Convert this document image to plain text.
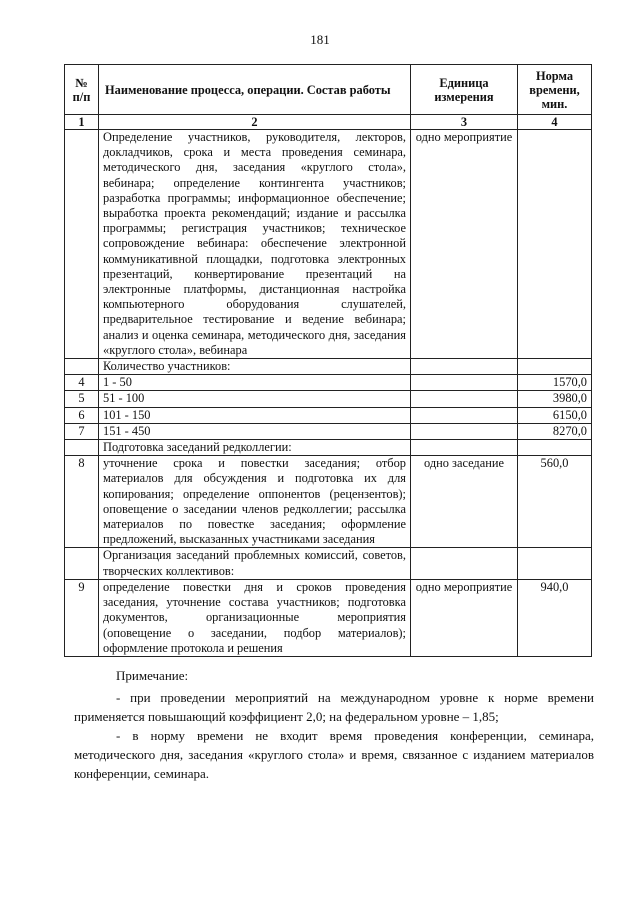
181
№ п/п	Наименование процесса, операции. Состав работы	Единица измерения	Норма времени, мин.
1	2	3	4
	Определение участников, руководителя, лекторов, докладчиков, срока и места проведения семинара, методического дня, заседания «круглого стола», вебинара; определение контингента участников; разработка программы; информационное обеспечение; выработка проекта рекомендаций; издание и рассылка программы; регистрация участников; техническое сопровождение вебинара: обеспечение электронной коммуникативной площадки, подготовка электронных презентаций, конвертирование презентаций на электронные платформы, дистанционная настройка компьютерного оборудования слушателей, предварительное тестирование и ведение вебинара; анализ и оценка семинара, методического дня, заседания «круглого стола», вебинара	одно мероприятие	
	Количество участников:		
4	1 - 50		1570,0
5	51 - 100		3980,0
6	101 - 150		6150,0
7	151 - 450		8270,0
	Подготовка заседаний редколлегии:		
8	уточнение срока и повестки заседания; отбор материалов для обсуждения и подготовка их для копирования; определение оппонентов (рецензентов); оповещение о заседании членов редколлегии; рассылка материалов по повестке заседания; оформление предложений, высказанных участниками заседания	одно заседание	560,0
	Организация заседаний проблемных комиссий, советов, творческих коллективов:		
9	определение повестки дня и сроков проведения заседания, уточнение состава участников; подготовка документов, организационные мероприятия (оповещение о заседании, подбор материалов); оформление протокола и решения	одно мероприятие	940,0

Примечание:

- при проведении мероприятий на международном уровне к норме времени применяется повышающий коэффициент 2,0; на федеральном уровне – 1,85;

- в норму времени не входит время проведения конференции, семинара, методического дня, заседания «круглого стола» и время, связанное с изданием материалов конференции, семинара.
